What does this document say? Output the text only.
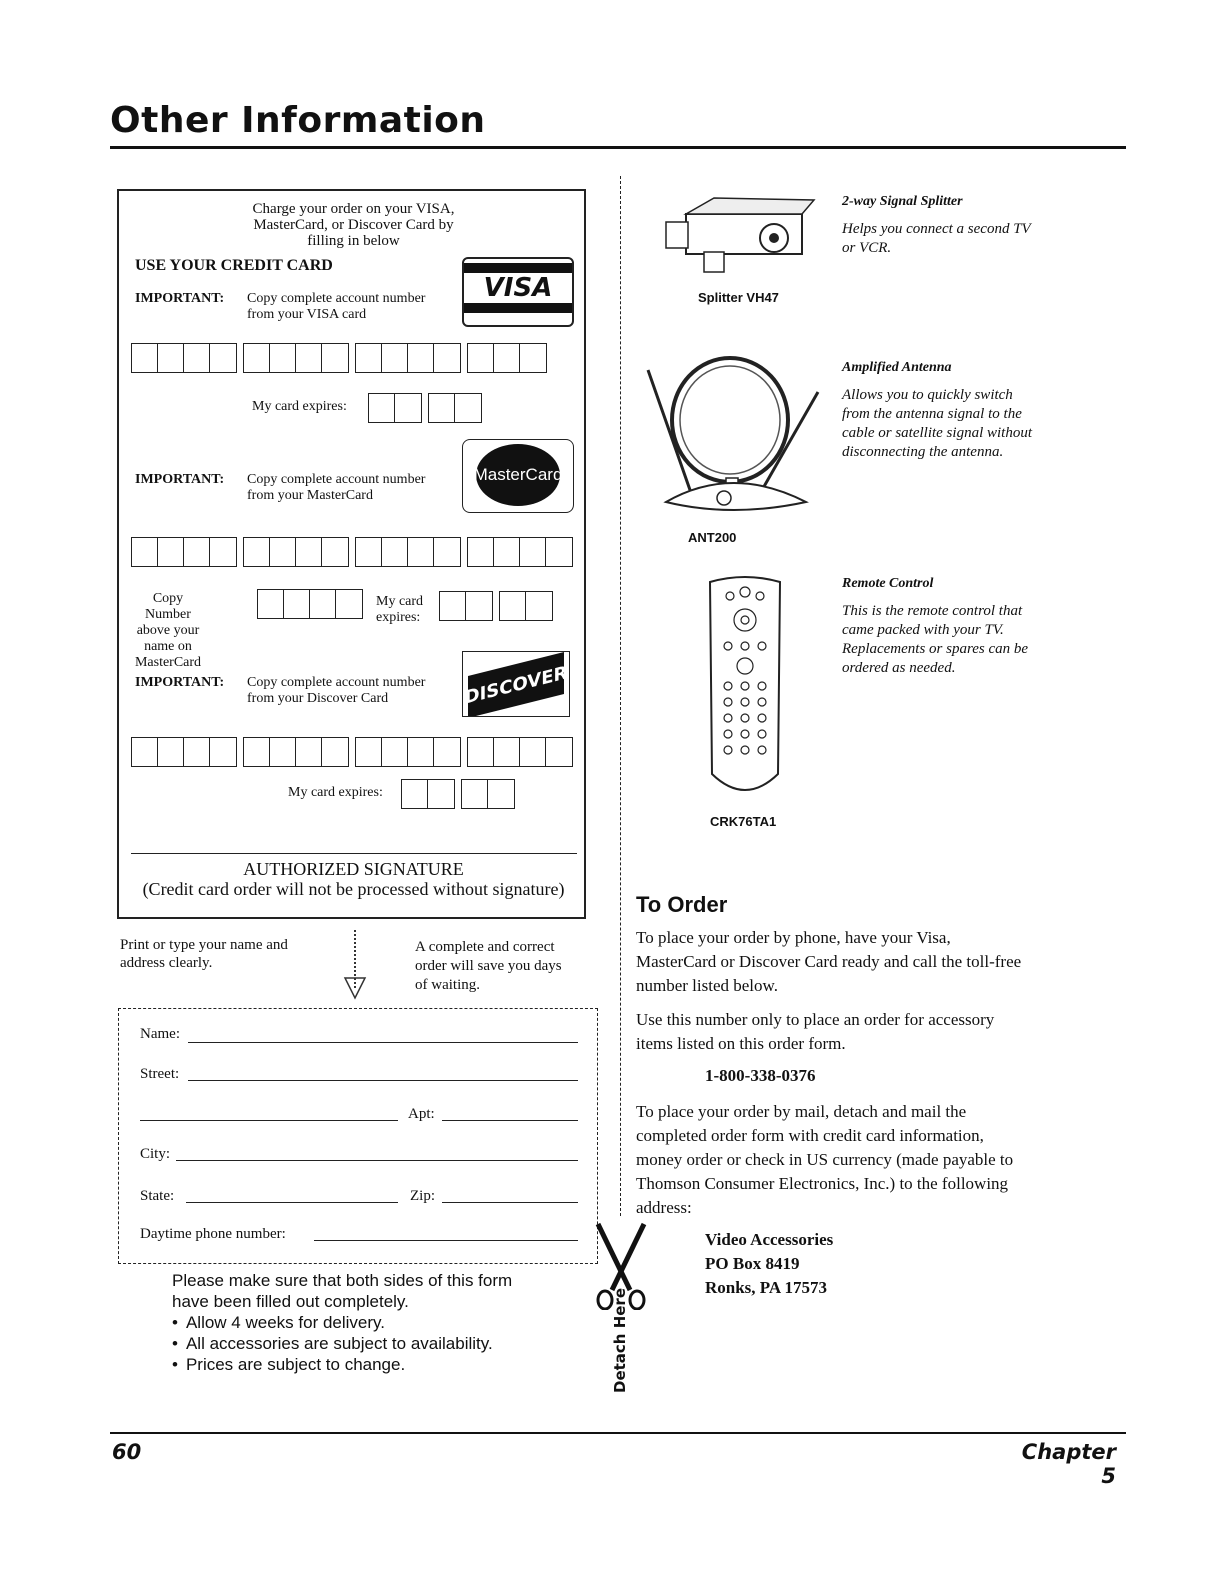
Other Information
Charge your order on your VISA,
MasterCard, or Discover Card by
filling in below
USE YOUR CREDIT CARD
IMPORTANT: Copy complete account number
from your VISA card
VISA
My card expires:
MasterCard
IMPORTANT: Copy complete account number
from your MasterCard
Copy Number
above your
name on
MasterCard
My card
expires:
IMPORTANT: Copy complete account number
from your Discover Card	DISCOVER
My card expires:
AUTHORIZED SIGNATURE
(Credit card order will not be processed without signature)
Print or type your name and
address clearly.
A complete and correct
order will save you days
of waiting.
Name:
Street:
Apt:
City:
State:	Zip:
Daytime phone number:
Please make sure that both sides of this form
have been filled out completely.
• Allow 4 weeks for delivery.
• All accessories are subject to availability.
• Prices are subject to change.	Detach Here
Splitter VH47
2-way Signal Splitter
Helps you connect a second TV
or VCR.
ANT200
Amplified Antenna
Allows you to quickly switch
from the antenna signal to the
cable or satellite signal without
disconnecting the antenna.
CRK76TA1
Remote Control
This is the remote control that
came packed with your TV.
Replacements or spares can be
ordered as needed.
To Order
To place your order by phone, have your Visa,
MasterCard or Discover Card ready and call the toll-free
number listed below.
Use this number only to place an order for accessory
items listed on this order form.
1-800-338-0376
To place your order by mail, detach and mail the
completed order form with credit card information,
money order or check in US currency (made payable to
Thomson Consumer Electronics, Inc.) to the following
address:
Video Accessories
PO Box 8419
Ronks, PA 17573
60	Chapter 5
